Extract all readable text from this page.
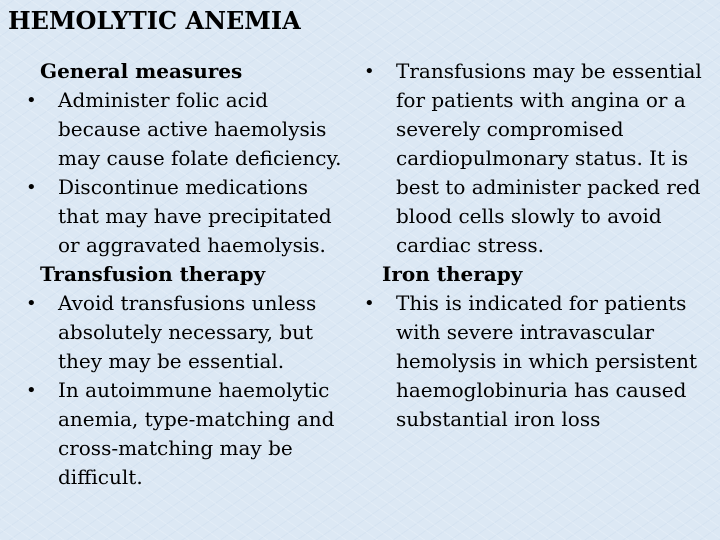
HEMOLYTIC ANEMIA
General measures
•	Administer folic acid because active haemolysis may cause folate deficiency.
•	Discontinue medications that may have precipitated or aggravated haemolysis.
Transfusion therapy
•	Avoid transfusions unless absolutely necessary, but they may be essential.
•	In autoimmune haemolytic anemia, type-matching and cross-matching may be difficult.
•	Transfusions may be essential for patients with angina or a severely compromised cardiopulmonary status. It is best to administer packed red blood cells slowly to avoid cardiac stress.
Iron therapy
•	This is indicated for patients with severe intravascular hemolysis in which persistent haemoglobinuria has caused substantial iron loss
